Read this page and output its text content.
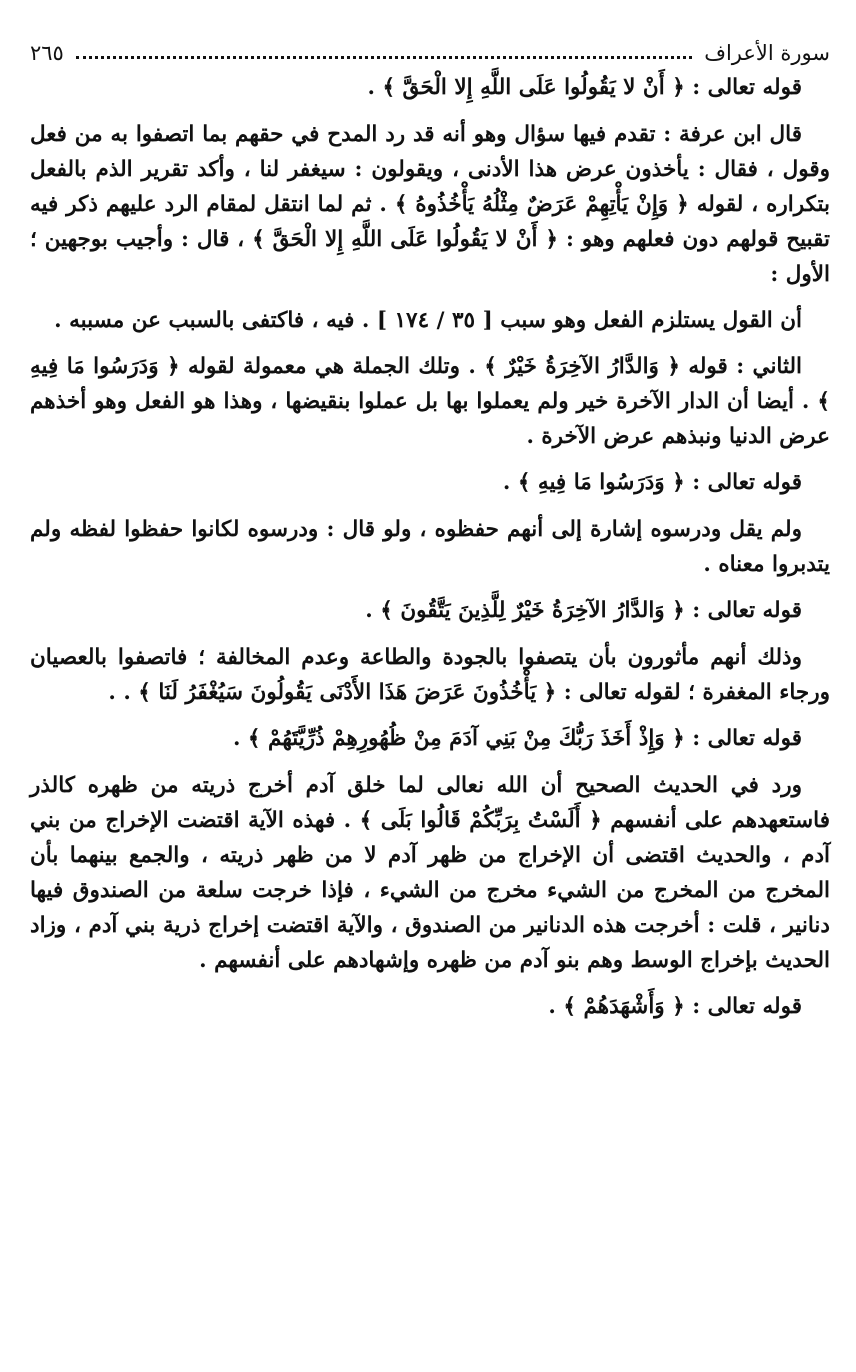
سورة الأعراف
٢٦٥
قوله تعالى : ﴿ أَنْ لا يَقُولُوا عَلَى اللَّهِ إِلا الْحَقَّ ﴾ .
قال ابن عرفة : تقدم فيها سؤال وهو أنه قد رد المدح في حقهم بما اتصفوا به من فعل وقول ، فقال : يأخذون عرض هذا الأدنى ، ويقولون : سيغفر لنا ، وأكد تقرير الذم بالفعل بتكراره ، لقوله ﴿ وَإِنْ يَأْتِهِمْ عَرَضٌ مِثْلُهُ يَأْخُذُوهُ ﴾ . ثم لما انتقل لمقام الرد عليهم ذكر فيه تقبيح قولهم دون فعلهم وهو : ﴿ أَنْ لا يَقُولُوا عَلَى اللَّهِ إِلا الْحَقَّ ﴾ ، قال : وأجيب بوجهين ؛ الأول :
أن القول يستلزم الفعل وهو سبب [ ٣٥ / ١٧٤ ] . فيه ، فاكتفى بالسبب عن مسببه .
الثاني : قوله ﴿ وَالدَّارُ الآخِرَةُ خَيْرٌ ﴾ . وتلك الجملة هي معمولة لقوله ﴿ وَدَرَسُوا مَا فِيهِ ﴾ . أيضا أن الدار الآخرة خير ولم يعملوا بها بل عملوا بنقيضها ، وهذا هو الفعل وهو أخذهم عرض الدنيا ونبذهم عرض الآخرة .
قوله تعالى : ﴿ وَدَرَسُوا مَا فِيهِ ﴾ .
ولم يقل ودرسوه إشارة إلى أنهم حفظوه ، ولو قال : ودرسوه لكانوا حفظوا لفظه ولم يتدبروا معناه .
قوله تعالى : ﴿ وَالدَّارُ الآخِرَةُ خَيْرٌ لِلَّذِينَ يَتَّقُونَ ﴾ .
وذلك أنهم مأثورون بأن يتصفوا بالجودة والطاعة وعدم المخالفة ؛ فاتصفوا بالعصيان ورجاء المغفرة ؛ لقوله تعالى : ﴿ يَأْخُذُونَ عَرَضَ هَذَا الأَدْنَى يَقُولُونَ سَيُغْفَرُ لَنَا ﴾ . .
قوله تعالى : ﴿ وَإِذْ أَخَذَ رَبُّكَ مِنْ بَنِي آدَمَ مِنْ ظُهُورِهِمْ ذُرِّيَّتَهُمْ ﴾ .
ورد في الحديث الصحيح أن الله نعالى لما خلق آدم أخرج ذريته من ظهره كالذر فاستعهدهم على أنفسهم ﴿ أَلَسْتُ بِرَبِّكُمْ قَالُوا بَلَى ﴾ . فهذه الآية اقتضت الإخراج من بني آدم ، والحديث اقتضى أن الإخراج من ظهر آدم لا من ظهر ذريته ، والجمع بينهما بأن المخرج من المخرج من الشيء مخرج من الشيء ، فإذا خرجت سلعة من الصندوق فيها دنانير ، قلت : أخرجت هذه الدنانير من الصندوق ، والآية اقتضت إخراج ذرية بني آدم ، وزاد الحديث بإخراج الوسط وهم بنو آدم من ظهره وإشهادهم على أنفسهم .
قوله تعالى : ﴿ وَأَشْهَدَهُمْ ﴾ .
